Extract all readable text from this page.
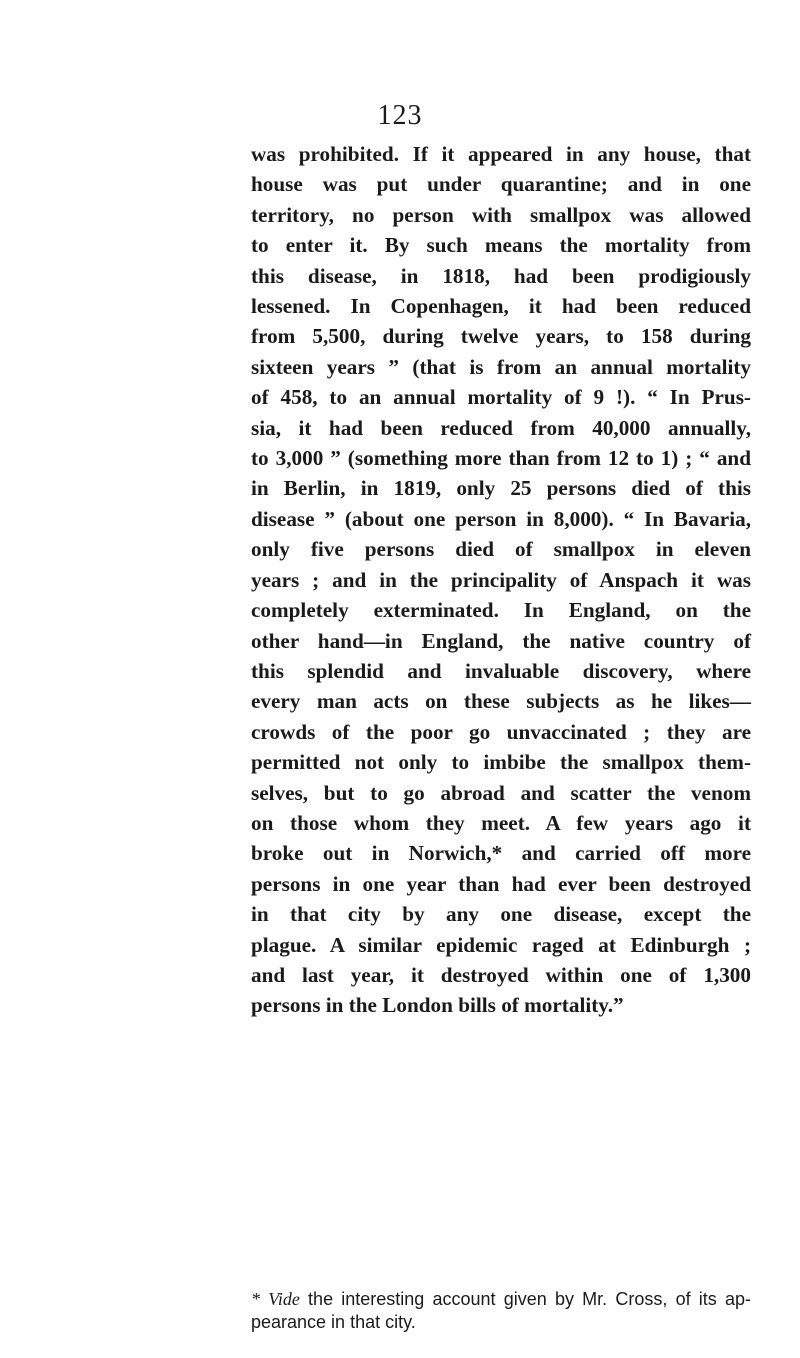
123
was prohibited. If it appeared in any house, that
house was put under quarantine; and in one
territory, no person with smallpox was allowed
to enter it. By such means the mortality from
this disease, in 1818, had been prodigiously
lessened. In Copenhagen, it had been reduced
from 5,500, during twelve years, to 158 during
sixteen years ” (that is from an annual mortality
of 458, to an annual mortality of 9 !). “ In Prus-
sia, it had been reduced from 40,000 annually,
to 3,000 ” (something more than from 12 to 1) ; “ and
in Berlin, in 1819, only 25 persons died of this
disease ” (about one person in 8,000). “ In Bavaria,
only five persons died of smallpox in eleven
years ; and in the principality of Anspach it was
completely exterminated. In England, on the
other hand—in England, the native country of
this splendid and invaluable discovery, where
every man acts on these subjects as he likes—
crowds of the poor go unvaccinated ; they are
permitted not only to imbibe the smallpox them-
selves, but to go abroad and scatter the venom
on those whom they meet. A few years ago it
broke out in Norwich,* and carried off more
persons in one year than had ever been destroyed
in that city by any one disease, except the
plague. A similar epidemic raged at Edinburgh ;
and last year, it destroyed within one of 1,300
persons in the London bills of mortality.”
* Vide the interesting account given by Mr. Cross, of its ap-
pearance in that city.
